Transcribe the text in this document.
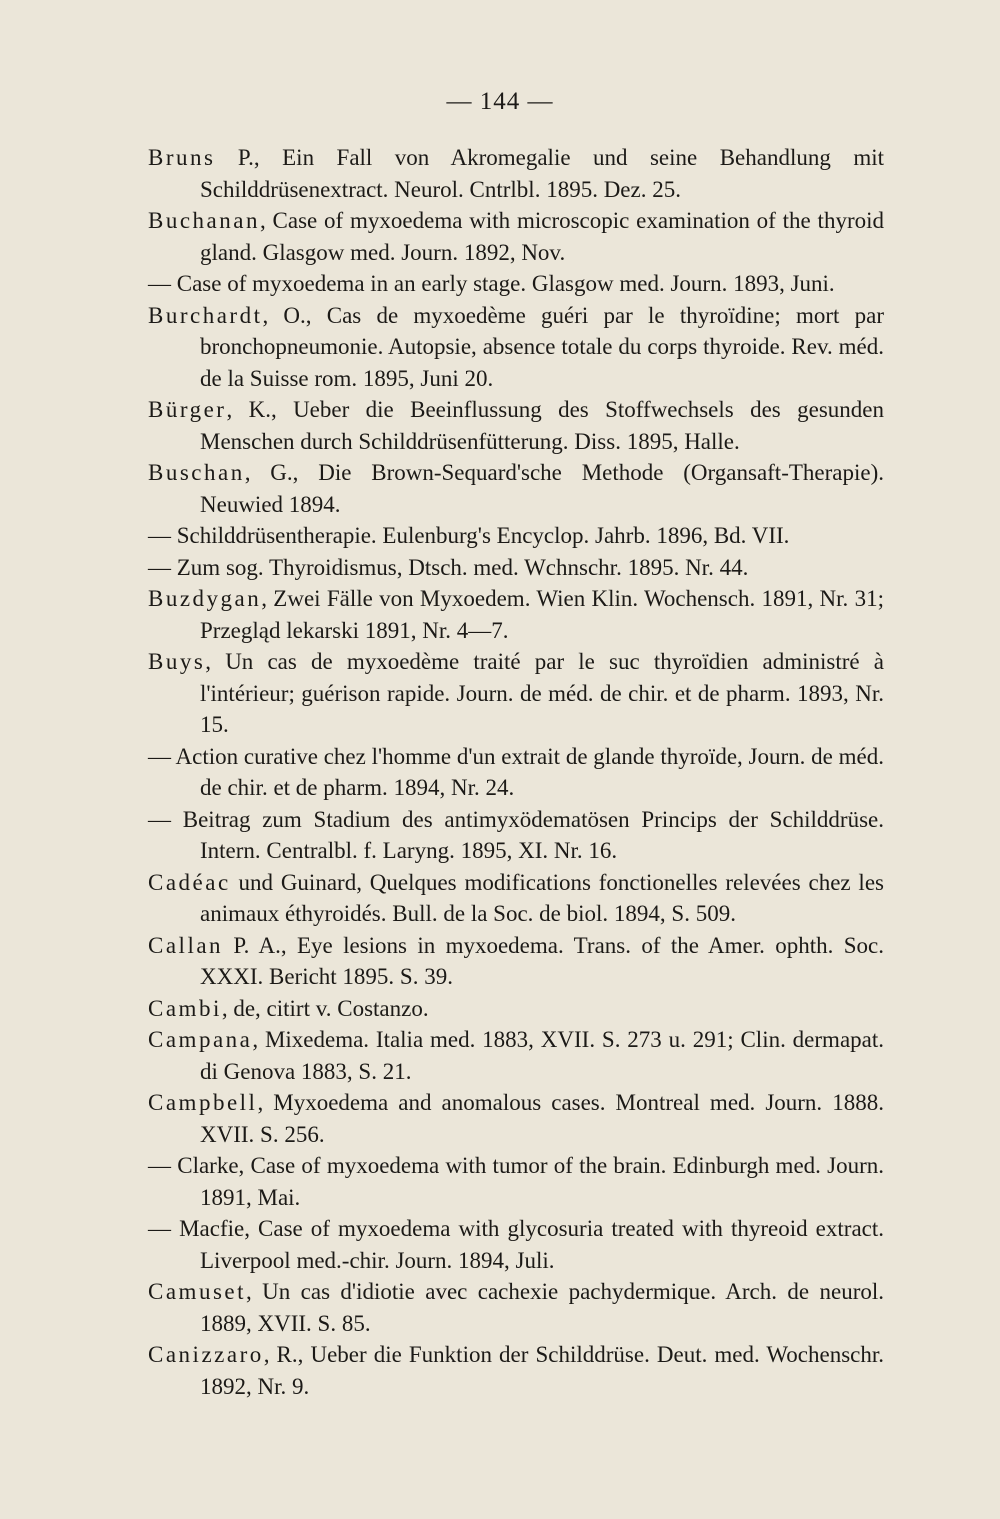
— 144 —
Bruns P., Ein Fall von Akromegalie und seine Behandlung mit Schilddrüsenextract. Neurol. Cntrlbl. 1895. Dez. 25.
Buchanan, Case of myxoedema with microscopic examination of the thyroid gland. Glasgow med. Journ. 1892, Nov.
— Case of myxoedema in an early stage. Glasgow med. Journ. 1893, Juni.
Burchardt, O., Cas de myxoedème guéri par le thyroïdine; mort par bronchopneumonie. Autopsie, absence totale du corps thyroide. Rev. méd. de la Suisse rom. 1895, Juni 20.
Bürger, K., Ueber die Beeinflussung des Stoffwechsels des gesunden Menschen durch Schilddrüsenfütterung. Diss. 1895, Halle.
Buschan, G., Die Brown-Sequard'sche Methode (Organsaft-Therapie). Neuwied 1894.
— Schilddrüsentherapie. Eulenburg's Encyclop. Jahrb. 1896, Bd. VII.
— Zum sog. Thyroidismus, Dtsch. med. Wchnschr. 1895. Nr. 44.
Buzdygan, Zwei Fälle von Myxoedem. Wien Klin. Wochensch. 1891, Nr. 31; Przegląd lekarski 1891, Nr. 4—7.
Buys, Un cas de myxoedème traité par le suc thyroïdien administré à l'intérieur; guérison rapide. Journ. de méd. de chir. et de pharm. 1893, Nr. 15.
— Action curative chez l'homme d'un extrait de glande thyroïde, Journ. de méd. de chir. et de pharm. 1894, Nr. 24.
— Beitrag zum Stadium des antimyxödematösen Princips der Schilddrüse. Intern. Centralbl. f. Laryng. 1895, XI. Nr. 16.
Cadéac und Guinard, Quelques modifications fonctionelles relevées chez les animaux éthyroidés. Bull. de la Soc. de biol. 1894, S. 509.
Callan P. A., Eye lesions in myxoedema. Trans. of the Amer. ophth. Soc. XXXI. Bericht 1895. S. 39.
Cambi, de, citirt v. Costanzo.
Campana, Mixedema. Italia med. 1883, XVII. S. 273 u. 291; Clin. dermapat. di Genova 1883, S. 21.
Campbell, Myxoedema and anomalous cases. Montreal med. Journ. 1888. XVII. S. 256.
— Clarke, Case of myxoedema with tumor of the brain. Edinburgh med. Journ. 1891, Mai.
— Macfie, Case of myxoedema with glycosuria treated with thyreoid extract. Liverpool med.-chir. Journ. 1894, Juli.
Camuset, Un cas d'idiotie avec cachexie pachydermique. Arch. de neurol. 1889, XVII. S. 85.
Canizzaro, R., Ueber die Funktion der Schilddrüse. Deut. med. Wochenschr. 1892, Nr. 9.
